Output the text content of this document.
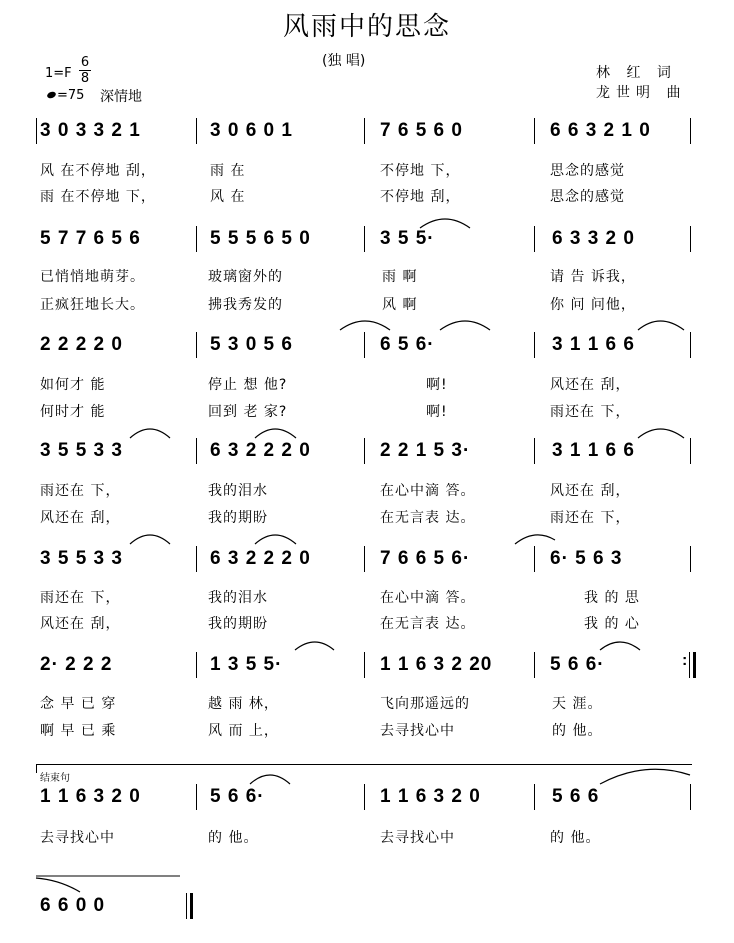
风雨中的思念
(独 唱)
1=F
6
8
=75 深情地
林 红 词
龙世明 曲
3 0 3 3 2 1	3 0 6 0 1	7 6 5 6 0	6 6 3 2 1 0
风 在不停地 刮，	雨 在	不停地 下，	思念的感觉
雨 在不停地 下，	风 在	不停地 刮，	思念的感觉
5 7 7 6 5 6	5 5 5 6 5 0	3 5 5·	6 3 3 2 0
已悄悄地萌芽。	玻璃窗外的	雨 啊	请 告 诉我，
正疯狂地长大。	拂我秀发的	风 啊	你 问 问他，
2 2 2 2 0	5 3 0 5 6	6 5 6·	3 1 1 6 6
如何才 能	停止 想 他?	啊!	风还在 刮，
何时才 能	回到 老 家?	啊!	雨还在 下，
3 5 5 3 3	6 3 2 2 2 0	2 2 1 5 3·	3 1 1 6 6
雨还在 下，	我的泪水	在心中滴 答。	风还在 刮，
风还在 刮，	我的期盼	在无言表 达。	雨还在 下，
3 5 5 3 3	6 3 2 2 2 0	7 6 6 5 6·	6· 5 6 3
雨还在 下，	我的泪水	在心中滴 答。	我 的 思
风还在 刮，	我的期盼	在无言表 达。	我 的 心
:
2· 2 2 2	1 3 5 5·	1 1 6 3 2 20	5 6 6·
念 早 已 穿	越 雨 林，	飞向那遥远的	天 涯。
啊 早 已 乘	风 而 上，	去寻找心中	的 他。
结束句
1 1 6 3 2 0	5 6 6·	1 1 6 3 2 0	5 6 6
去寻找心中	的 他。	去寻找心中	的 他。
6 6 0 0
